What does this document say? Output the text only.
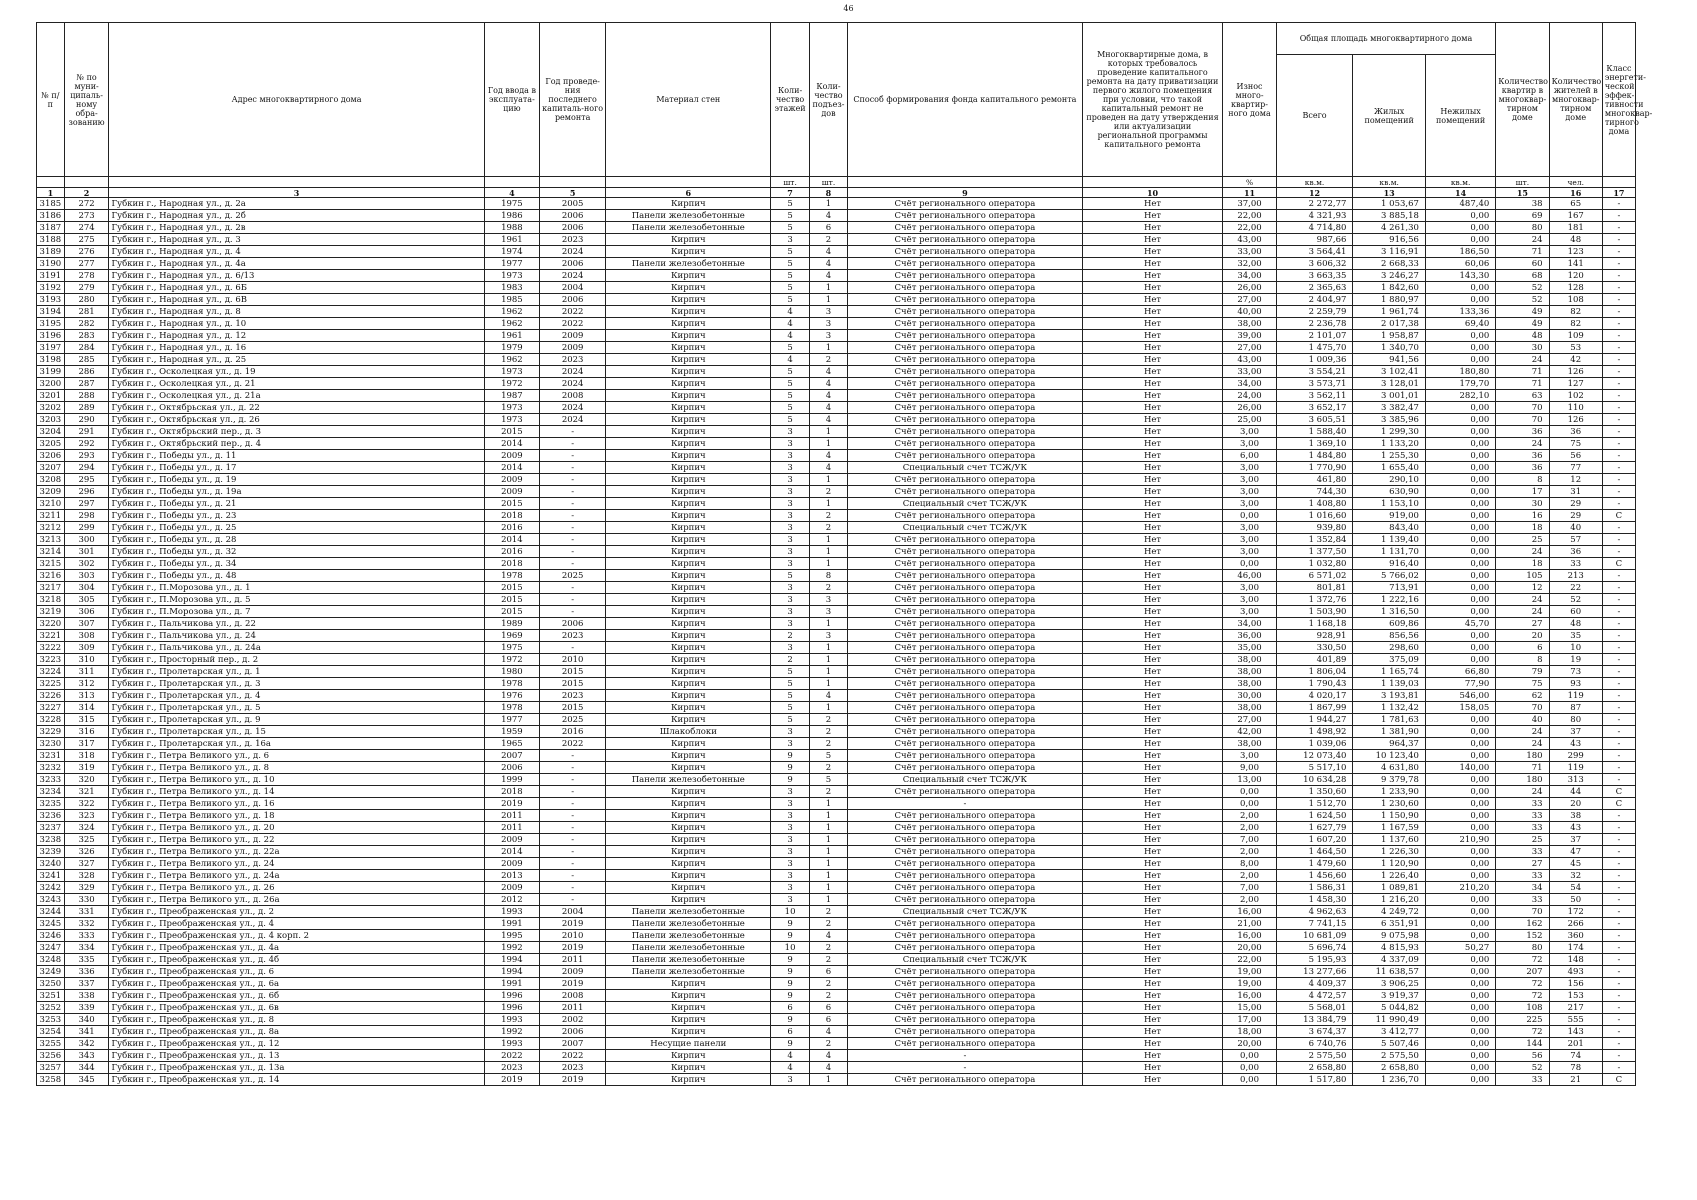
46
№ п/п	№ по муни-ципаль-ному обра-зованию	Адрес многоквартирного дома	Год ввода в эксплуата-цию	Год проведе-ния последнего капиталь-ного ремонта	Материал стен	Коли-чество этажей	Коли-чество подъез-дов	Способ формирования фонда капитального ремонта	Многоквартирные дома, в которых требовалось проведение капитального ремонта на дату приватизации первого жилого помещения при условии, что такой капитальный ремонт не проведен на дату утверждения или актуализации региональной программы капитального ремонта	Износ много-квартир-ного дома	Общая площадь многоквартирного дома			Количество квартир в многоквар-тирном доме	Количество жителей в многоквар-тирном доме	Класс энергети-ческой эффек-тивности многоквар-тирного дома
											Всего	Жилых помещений	Нежилых помещений			
						шт.	шт.			%	кв.м.	кв.м.	кв.м.	шт.	чел.	
1	2	3	4	5	6	7	8	9	10	11	12	13	14	15	16	17
3185	272	Губкин г., Народная ул., д. 2а	1975	2005	Кирпич	5	1	Счёт регионального оператора	Нет	37,00	2 272,77	1 053,67	487,40	38	65	-
3186	273	Губкин г., Народная ул., д. 2б	1986	2006	Панели железобетонные	5	4	Счёт регионального оператора	Нет	22,00	4 321,93	3 885,18	0,00	69	167	-
3187	274	Губкин г., Народная ул., д. 2в	1988	2006	Панели железобетонные	5	6	Счёт регионального оператора	Нет	22,00	4 714,80	4 261,30	0,00	80	181	-
3188	275	Губкин г., Народная ул., д. 3	1961	2023	Кирпич	3	2	Счёт регионального оператора	Нет	43,00	987,66	916,56	0,00	24	48	-
3189	276	Губкин г., Народная ул., д. 4	1974	2024	Кирпич	5	4	Счёт регионального оператора	Нет	33,00	3 564,41	3 116,91	186,50	71	123	-
3190	277	Губкин г., Народная ул., д. 4а	1977	2006	Панели железобетонные	5	4	Счёт регионального оператора	Нет	32,00	3 606,32	2 668,33	60,06	60	141	-
3191	278	Губкин г., Народная ул., д. 6/13	1973	2024	Кирпич	5	4	Счёт регионального оператора	Нет	34,00	3 663,35	3 246,27	143,30	68	120	-
3192	279	Губкин г., Народная ул., д. 6Б	1983	2004	Кирпич	5	1	Счёт регионального оператора	Нет	26,00	2 365,63	1 842,60	0,00	52	128	-
3193	280	Губкин г., Народная ул., д. 6В	1985	2006	Кирпич	5	1	Счёт регионального оператора	Нет	27,00	2 404,97	1 880,97	0,00	52	108	-
3194	281	Губкин г., Народная ул., д. 8	1962	2022	Кирпич	4	3	Счёт регионального оператора	Нет	40,00	2 259,79	1 961,74	133,36	49	82	-
3195	282	Губкин г., Народная ул., д. 10	1962	2022	Кирпич	4	3	Счёт регионального оператора	Нет	38,00	2 236,78	2 017,38	69,40	49	82	-
3196	283	Губкин г., Народная ул., д. 12	1961	2009	Кирпич	4	3	Счёт регионального оператора	Нет	39,00	2 101,07	1 958,87	0,00	48	109	-
3197	284	Губкин г., Народная ул., д. 16	1979	2009	Кирпич	5	1	Счёт регионального оператора	Нет	27,00	1 475,70	1 340,70	0,00	30	53	-
3198	285	Губкин г., Народная ул., д. 25	1962	2023	Кирпич	4	2	Счёт регионального оператора	Нет	43,00	1 009,36	941,56	0,00	24	42	-
3199	286	Губкин г., Осколецкая ул., д. 19	1973	2024	Кирпич	5	4	Счёт регионального оператора	Нет	33,00	3 554,21	3 102,41	180,80	71	126	-
3200	287	Губкин г., Осколецкая ул., д. 21	1972	2024	Кирпич	5	4	Счёт регионального оператора	Нет	34,00	3 573,71	3 128,01	179,70	71	127	-
3201	288	Губкин г., Осколецкая ул., д. 21а	1987	2008	Кирпич	5	4	Счёт регионального оператора	Нет	24,00	3 562,11	3 001,01	282,10	63	102	-
3202	289	Губкин г., Октябрьская ул., д. 22	1973	2024	Кирпич	5	4	Счёт регионального оператора	Нет	26,00	3 652,17	3 382,47	0,00	70	110	-
3203	290	Губкин г., Октябрьская ул., д. 26	1973	2024	Кирпич	5	4	Счёт регионального оператора	Нет	25,00	3 605,51	3 385,96	0,00	70	126	-
3204	291	Губкин г., Октябрьский пер., д. 3	2015	-	Кирпич	3	1	Счёт регионального оператора	Нет	3,00	1 588,40	1 299,30	0,00	36	36	-
3205	292	Губкин г., Октябрьский пер., д. 4	2014	-	Кирпич	3	1	Счёт регионального оператора	Нет	3,00	1 369,10	1 133,20	0,00	24	75	-
3206	293	Губкин г., Победы ул., д. 11	2009	-	Кирпич	3	4	Счёт регионального оператора	Нет	6,00	1 484,80	1 255,30	0,00	36	56	-
3207	294	Губкин г., Победы ул., д. 17	2014	-	Кирпич	3	4	Специальный счет ТСЖ/УК	Нет	3,00	1 770,90	1 655,40	0,00	36	77	-
3208	295	Губкин г., Победы ул., д. 19	2009	-	Кирпич	3	1	Счёт регионального оператора	Нет	3,00	461,80	290,10	0,00	8	12	-
3209	296	Губкин г., Победы ул., д. 19а	2009	-	Кирпич	3	2	Счёт регионального оператора	Нет	3,00	744,30	630,90	0,00	17	31	-
3210	297	Губкин г., Победы ул., д. 21	2015	-	Кирпич	3	1	Специальный счет ТСЖ/УК	Нет	3,00	1 408,80	1 153,10	0,00	30	29	-
3211	298	Губкин г., Победы ул., д. 23	2018	-	Кирпич	3	2	Счёт регионального оператора	Нет	0,00	1 016,60	919,00	0,00	16	29	C
3212	299	Губкин г., Победы ул., д. 25	2016	-	Кирпич	3	2	Специальный счет ТСЖ/УК	Нет	3,00	939,80	843,40	0,00	18	40	-
3213	300	Губкин г., Победы ул., д. 28	2014	-	Кирпич	3	1	Счёт регионального оператора	Нет	3,00	1 352,84	1 139,40	0,00	25	57	-
3214	301	Губкин г., Победы ул., д. 32	2016	-	Кирпич	3	1	Счёт регионального оператора	Нет	3,00	1 377,50	1 131,70	0,00	24	36	-
3215	302	Губкин г., Победы ул., д. 34	2018	-	Кирпич	3	1	Счёт регионального оператора	Нет	0,00	1 032,80	916,40	0,00	18	33	C
3216	303	Губкин г., Победы ул., д. 48	1978	2025	Кирпич	5	8	Счёт регионального оператора	Нет	46,00	6 571,02	5 766,02	0,00	105	213	-
3217	304	Губкин г., П.Морозова ул., д. 1	2015	-	Кирпич	3	2	Счёт регионального оператора	Нет	3,00	801,81	713,91	0,00	12	22	-
3218	305	Губкин г., П.Морозова ул., д. 5	2015	-	Кирпич	3	3	Счёт регионального оператора	Нет	3,00	1 372,76	1 222,16	0,00	24	52	-
3219	306	Губкин г., П.Морозова ул., д. 7	2015	-	Кирпич	3	3	Счёт регионального оператора	Нет	3,00	1 503,90	1 316,50	0,00	24	60	-
3220	307	Губкин г., Пальчикова ул., д. 22	1989	2006	Кирпич	3	1	Счёт регионального оператора	Нет	34,00	1 168,18	609,86	45,70	27	48	-
3221	308	Губкин г., Пальчикова ул., д. 24	1969	2023	Кирпич	2	3	Счёт регионального оператора	Нет	36,00	928,91	856,56	0,00	20	35	-
3222	309	Губкин г., Пальчикова ул., д. 24а	1975	-	Кирпич	3	1	Счёт регионального оператора	Нет	35,00	330,50	298,60	0,00	6	10	-
3223	310	Губкин г., Просторный пер., д. 2	1972	2010	Кирпич	2	1	Счёт регионального оператора	Нет	38,00	401,89	375,09	0,00	8	19	-
3224	311	Губкин г., Пролетарская ул., д. 1	1980	2015	Кирпич	5	1	Счёт регионального оператора	Нет	38,00	1 806,04	1 165,74	66,80	79	73	-
3225	312	Губкин г., Пролетарская ул., д. 3	1978	2015	Кирпич	5	1	Счёт регионального оператора	Нет	38,00	1 790,43	1 139,03	77,90	75	93	-
3226	313	Губкин г., Пролетарская ул., д. 4	1976	2023	Кирпич	5	4	Счёт регионального оператора	Нет	30,00	4 020,17	3 193,81	546,00	62	119	-
3227	314	Губкин г., Пролетарская ул., д. 5	1978	2015	Кирпич	5	1	Счёт регионального оператора	Нет	38,00	1 867,99	1 132,42	158,05	70	87	-
3228	315	Губкин г., Пролетарская ул., д. 9	1977	2025	Кирпич	5	2	Счёт регионального оператора	Нет	27,00	1 944,27	1 781,63	0,00	40	80	-
3229	316	Губкин г., Пролетарская ул., д. 15	1959	2016	Шлакоблоки	3	2	Счёт регионального оператора	Нет	42,00	1 498,92	1 381,90	0,00	24	37	-
3230	317	Губкин г., Пролетарская ул., д. 16а	1965	2022	Кирпич	3	2	Счёт регионального оператора	Нет	38,00	1 039,06	964,37	0,00	24	43	-
3231	318	Губкин г., Петра Великого ул., д. 6	2007	-	Кирпич	9	5	Счёт регионального оператора	Нет	3,00	12 073,40	10 123,40	0,00	180	299	-
3232	319	Губкин г., Петра Великого ул., д. 8	2006	-	Кирпич	9	2	Счёт регионального оператора	Нет	9,00	5 517,10	4 631,80	140,00	71	119	-
3233	320	Губкин г., Петра Великого ул., д. 10	1999	-	Панели железобетонные	9	5	Специальный счет ТСЖ/УК	Нет	13,00	10 634,28	9 379,78	0,00	180	313	-
3234	321	Губкин г., Петра Великого ул., д. 14	2018	-	Кирпич	3	2	Счёт регионального оператора	Нет	0,00	1 350,60	1 233,90	0,00	24	44	C
3235	322	Губкин г., Петра Великого ул., д. 16	2019	-	Кирпич	3	1	-	Нет	0,00	1 512,70	1 230,60	0,00	33	20	C
3236	323	Губкин г., Петра Великого ул., д. 18	2011	-	Кирпич	3	1	Счёт регионального оператора	Нет	2,00	1 624,50	1 150,90	0,00	33	38	-
3237	324	Губкин г., Петра Великого ул., д. 20	2011	-	Кирпич	3	1	Счёт регионального оператора	Нет	2,00	1 627,79	1 167,59	0,00	33	43	-
3238	325	Губкин г., Петра Великого ул., д. 22	2009	-	Кирпич	3	1	Счёт регионального оператора	Нет	7,00	1 607,20	1 137,60	210,90	25	37	-
3239	326	Губкин г., Петра Великого ул., д. 22а	2014	-	Кирпич	3	1	Счёт регионального оператора	Нет	2,00	1 464,50	1 226,30	0,00	33	47	-
3240	327	Губкин г., Петра Великого ул., д. 24	2009	-	Кирпич	3	1	Счёт регионального оператора	Нет	8,00	1 479,60	1 120,90	0,00	27	45	-
3241	328	Губкин г., Петра Великого ул., д. 24а	2013	-	Кирпич	3	1	Счёт регионального оператора	Нет	2,00	1 456,60	1 226,40	0,00	33	32	-
3242	329	Губкин г., Петра Великого ул., д. 26	2009	-	Кирпич	3	1	Счёт регионального оператора	Нет	7,00	1 586,31	1 089,81	210,20	34	54	-
3243	330	Губкин г., Петра Великого ул., д. 26а	2012	-	Кирпич	3	1	Счёт регионального оператора	Нет	2,00	1 458,30	1 216,20	0,00	33	50	-
3244	331	Губкин г., Преображенская ул., д. 2	1993	2004	Панели железобетонные	10	2	Специальный счет ТСЖ/УК	Нет	16,00	4 962,63	4 249,72	0,00	70	172	-
3245	332	Губкин г., Преображенская ул., д. 4	1991	2019	Панели железобетонные	9	2	Счёт регионального оператора	Нет	21,00	7 741,15	6 351,91	0,00	162	266	-
3246	333	Губкин г., Преображенская ул., д. 4 корп. 2	1995	2010	Панели железобетонные	9	4	Счёт регионального оператора	Нет	16,00	10 681,09	9 075,98	0,00	152	360	-
3247	334	Губкин г., Преображенская ул., д. 4а	1992	2019	Панели железобетонные	10	2	Счёт регионального оператора	Нет	20,00	5 696,74	4 815,93	50,27	80	174	-
3248	335	Губкин г., Преображенская ул., д. 4б	1994	2011	Панели железобетонные	9	2	Специальный счет ТСЖ/УК	Нет	22,00	5 195,93	4 337,09	0,00	72	148	-
3249	336	Губкин г., Преображенская ул., д. 6	1994	2009	Панели железобетонные	9	6	Счёт регионального оператора	Нет	19,00	13 277,66	11 638,57	0,00	207	493	-
3250	337	Губкин г., Преображенская ул., д. 6а	1991	2019	Кирпич	9	2	Счёт регионального оператора	Нет	19,00	4 409,37	3 906,25	0,00	72	156	-
3251	338	Губкин г., Преображенская ул., д. 6б	1996	2008	Кирпич	9	2	Счёт регионального оператора	Нет	16,00	4 472,57	3 919,37	0,00	72	153	-
3252	339	Губкин г., Преображенская ул., д. 6в	1996	2011	Кирпич	6	6	Счёт регионального оператора	Нет	15,00	5 568,01	5 044,82	0,00	108	217	-
3253	340	Губкин г., Преображенская ул., д. 8	1993	2002	Кирпич	9	6	Счёт регионального оператора	Нет	17,00	13 384,79	11 990,49	0,00	225	555	-
3254	341	Губкин г., Преображенская ул., д. 8а	1992	2006	Кирпич	6	4	Счёт регионального оператора	Нет	18,00	3 674,37	3 412,77	0,00	72	143	-
3255	342	Губкин г., Преображенская ул., д. 12	1993	2007	Несущие панели	9	2	Счёт регионального оператора	Нет	20,00	6 740,76	5 507,46	0,00	144	201	-
3256	343	Губкин г., Преображенская ул., д. 13	2022	2022	Кирпич	4	4	-	Нет	0,00	2 575,50	2 575,50	0,00	56	74	-
3257	344	Губкин г., Преображенская ул., д. 13а	2023	2023	Кирпич	4	4	-	Нет	0,00	2 658,80	2 658,80	0,00	52	78	-
3258	345	Губкин г., Преображенская ул., д. 14	2019	2019	Кирпич	3	1	Счёт регионального оператора	Нет	0,00	1 517,80	1 236,70	0,00	33	21	C
